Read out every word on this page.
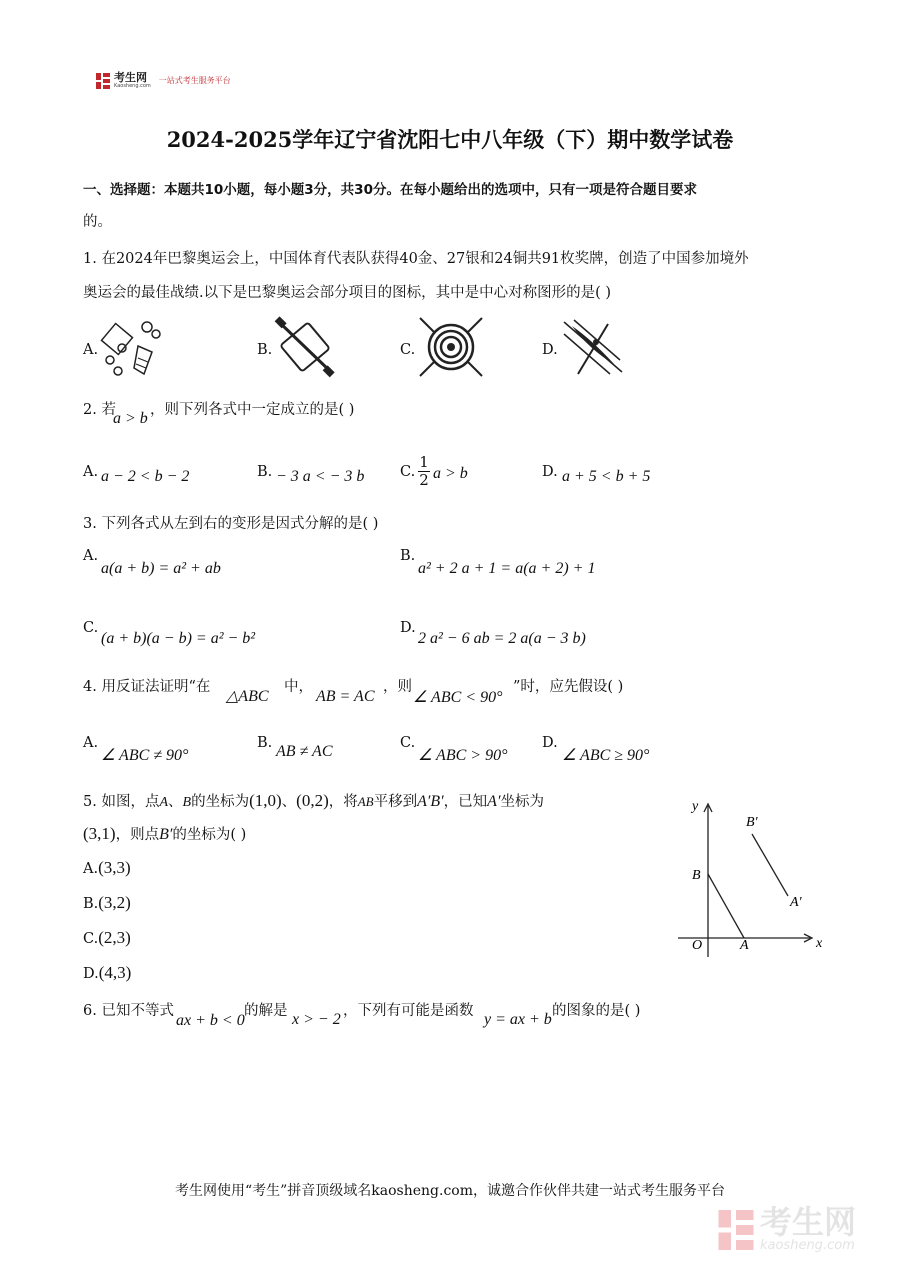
考生网
Kaosheng.com
一站式考生服务平台
2024-2025学年辽宁省沈阳七中八年级（下）期中数学试卷
一、选择题：本题共10小题，每小题3分，共30分。在每小题给出的选项中，只有一项是符合题目要求
的。
1. 在2024年巴黎奥运会上，中国体育代表队获得40金、27银和24铜共91枚奖牌，创造了中国参加境外
奥运会的最佳战绩.以下是巴黎奥运会部分项目的图标，其中是中心对称图形的是( )
A.	B.	C.	D.
2. 若
a > b ，则下列各式中一定成立的是( )
A. a − 2 < b − 2	B. − 3 a < − 3 b C. $\frac{1}{2}$ a > b	D. a + 5 < b + 5
3. 下列各式从左到右的变形是因式分解的是( )
A.
a(a + b) = a² + ab
B.
a² + 2 a + 1 = a(a + 2) + 1
C.
(a + b)(a − b) = a² − b²
D.
2 a² − 6 ab = 2 a(a − 3 b)
4. 用反证法证明“在
△ABC
中，
AB = AC
，则
∠ ABC < 90°
”时，应先假设( )
A.
∠ ABC ≠ 90°
B. AB ≠ AC	C.
∠ ABC > 90°
D.
∠ ABC ≥ 90°
5. 如图，点 A 、 B 的坐标为 (1,0) 、 (0,2) ，将 AB 平移到 A′B′ ，已知 A′ 坐标为
(3,1) ，则点 B′ 的坐标为( )
A.(3,3)
B.(3,2)
C.(2,3)
D.(4,3)
y
x
O	A
B
A′
B′
6. 已知不等式
ax + b < 0
的解是 x > − 2 ，下列有可能是函数 y = ax + b 的图象的是( )
考生网使用“考生”拼音顶级域名kaosheng.com，诚邀合作伙伴共建一站式考生服务平台
考生网
kaosheng.com
